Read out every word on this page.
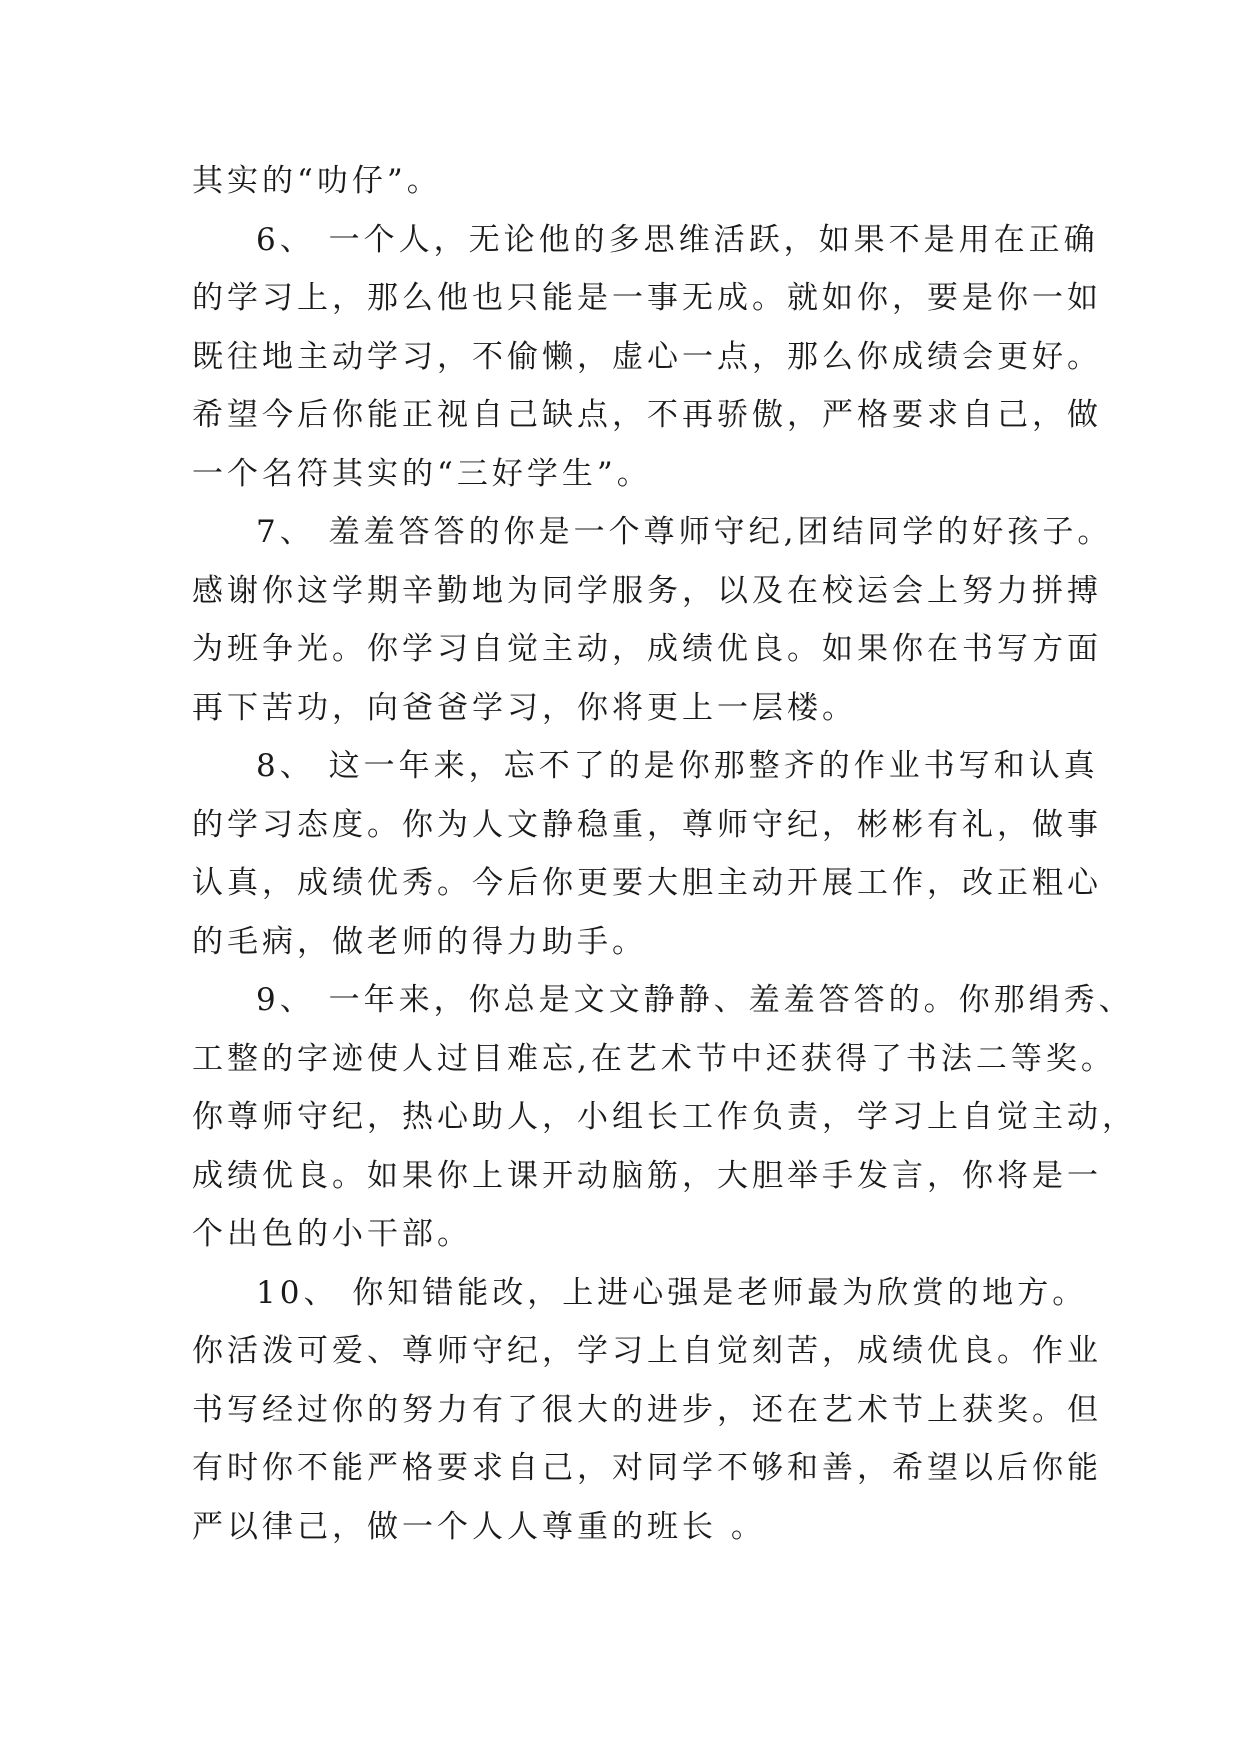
其实的“叻仔”。
6、 一个人，无论他的多思维活跃，如果不是用在正确
的学习上，那么他也只能是一事无成。就如你，要是你一如
既往地主动学习，不偷懒，虚心一点，那么你成绩会更好。
希望今后你能正视自己缺点，不再骄傲，严格要求自己，做
一个名符其实的“三好学生”。
7、 羞羞答答的你是一个尊师守纪,团结同学的好孩子。
感谢你这学期辛勤地为同学服务，以及在校运会上努力拼搏
为班争光。你学习自觉主动，成绩优良。如果你在书写方面
再下苦功，向爸爸学习，你将更上一层楼。
8、 这一年来，忘不了的是你那整齐的作业书写和认真
的学习态度。你为人文静稳重，尊师守纪，彬彬有礼，做事
认真，成绩优秀。今后你更要大胆主动开展工作，改正粗心
的毛病，做老师的得力助手。
9、 一年来，你总是文文静静、羞羞答答的。你那绢秀、
工整的字迹使人过目难忘,在艺术节中还获得了书法二等奖。
你尊师守纪，热心助人，小组长工作负责，学习上自觉主动，
成绩优良。如果你上课开动脑筋，大胆举手发言，你将是一
个出色的小干部。
10、 你知错能改，上进心强是老师最为欣赏的地方。
你活泼可爱、尊师守纪，学习上自觉刻苦，成绩优良。作业
书写经过你的努力有了很大的进步，还在艺术节上获奖。但
有时你不能严格要求自己，对同学不够和善，希望以后你能
严以律己，做一个人人尊重的班长 。
